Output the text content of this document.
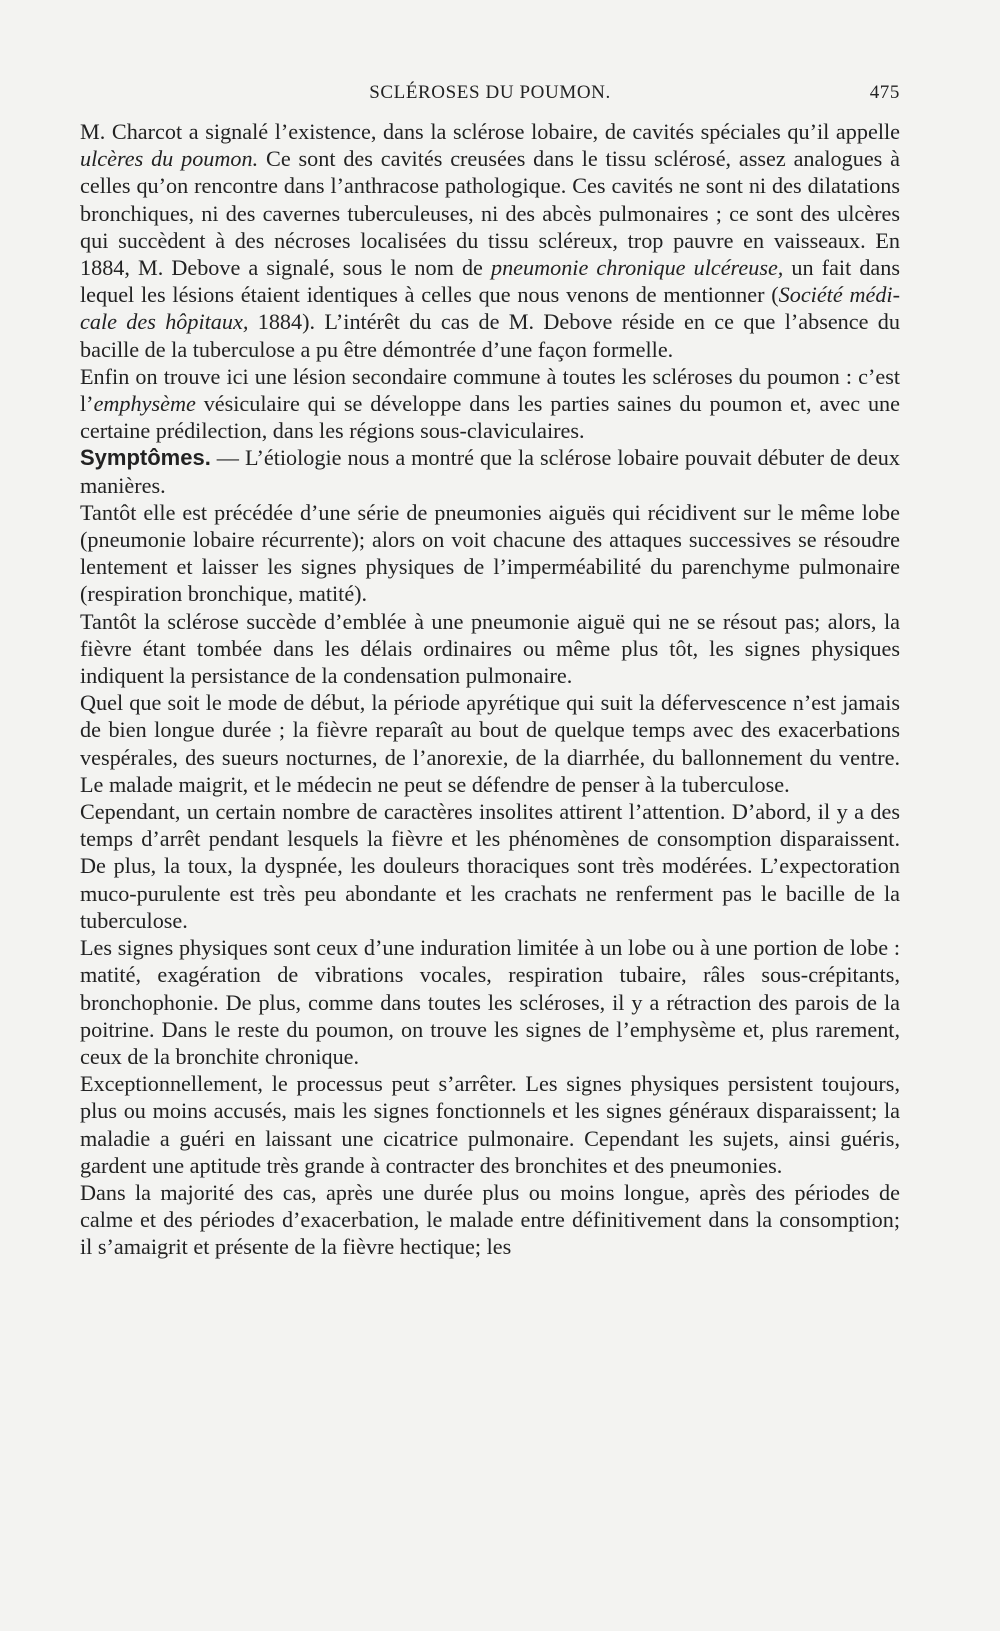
SCLÉROSES DU POUMON.	475

M. Charcot a signalé l’existence, dans la sclérose lobaire, de cavités spéciales qu’il appelle ulcères du poumon. Ce sont des cavités creusées dans le tissu sclérosé, assez analogues à celles qu’on rencontre dans l’anthracose pathologique. Ces cavités ne sont ni des dilatations bronchiques, ni des cavernes tuberculeuses, ni des abcès pulmonaires ; ce sont des ulcères qui succèdent à des nécroses localisées du tissu scléreux, trop pauvre en vaisseaux. En 1884, M. Debove a signalé, sous le nom de pneumonie chronique ulcéreuse, un fait dans lequel les lésions étaient identiques à celles que nous venons de mentionner (Société médicale des hôpitaux, 1884). L’intérêt du cas de M. Debove réside en ce que l’absence du bacille de la tuberculose a pu être démontrée d’une façon formelle.

Enfin on trouve ici une lésion secondaire commune à toutes les scléroses du poumon : c’est l’emphysème vésiculaire qui se développe dans les parties saines du poumon et, avec une certaine prédilection, dans les régions sous-claviculaires.

Symptômes. — L’étiologie nous a montré que la sclérose lobaire pouvait débuter de deux manières.

Tantôt elle est précédée d’une série de pneumonies aiguës qui récidivent sur le même lobe (pneumonie lobaire récurrente); alors on voit chacune des attaques successives se résoudre lentement et laisser les signes physiques de l’imperméabilité du parenchyme pulmonaire (respiration bronchique, matité).

Tantôt la sclérose succède d’emblée à une pneumonie aiguë qui ne se résout pas; alors, la fièvre étant tombée dans les délais ordinaires ou même plus tôt, les signes physiques indiquent la persistance de la condensation pulmonaire.

Quel que soit le mode de début, la période apyrétique qui suit la défervescence n’est jamais de bien longue durée ; la fièvre reparaît au bout de quelque temps avec des exacerbations vespérales, des sueurs nocturnes, de l’anorexie, de la diarrhée, du ballonnement du ventre. Le malade maigrit, et le médecin ne peut se défendre de penser à la tuberculose.

Cependant, un certain nombre de caractères insolites attirent l’attention. D’abord, il y a des temps d’arrêt pendant lesquels la fièvre et les phénomènes de consomption disparaissent. De plus, la toux, la dyspnée, les douleurs thoraciques sont très modérées. L’expectoration muco-purulente est très peu abondante et les crachats ne renferment pas le bacille de la tuberculose.

Les signes physiques sont ceux d’une induration limitée à un lobe ou à une portion de lobe : matité, exagération de vibrations vocales, respiration tubaire, râles sous-crépitants, bronchophonie. De plus, comme dans toutes les scléroses, il y a rétraction des parois de la poitrine. Dans le reste du poumon, on trouve les signes de l’emphysème et, plus rarement, ceux de la bronchite chronique.

Exceptionnellement, le processus peut s’arrêter. Les signes physiques persistent toujours, plus ou moins accusés, mais les signes fonctionnels et les signes généraux disparaissent; la maladie a guéri en laissant une cicatrice pulmonaire. Cependant les sujets, ainsi guéris, gardent une aptitude très grande à contracter des bronchites et des pneumonies.

Dans la majorité des cas, après une durée plus ou moins longue, après des périodes de calme et des périodes d’exacerbation, le malade entre définitivement dans la consomption; il s’amaigrit et présente de la fièvre hectique; les
